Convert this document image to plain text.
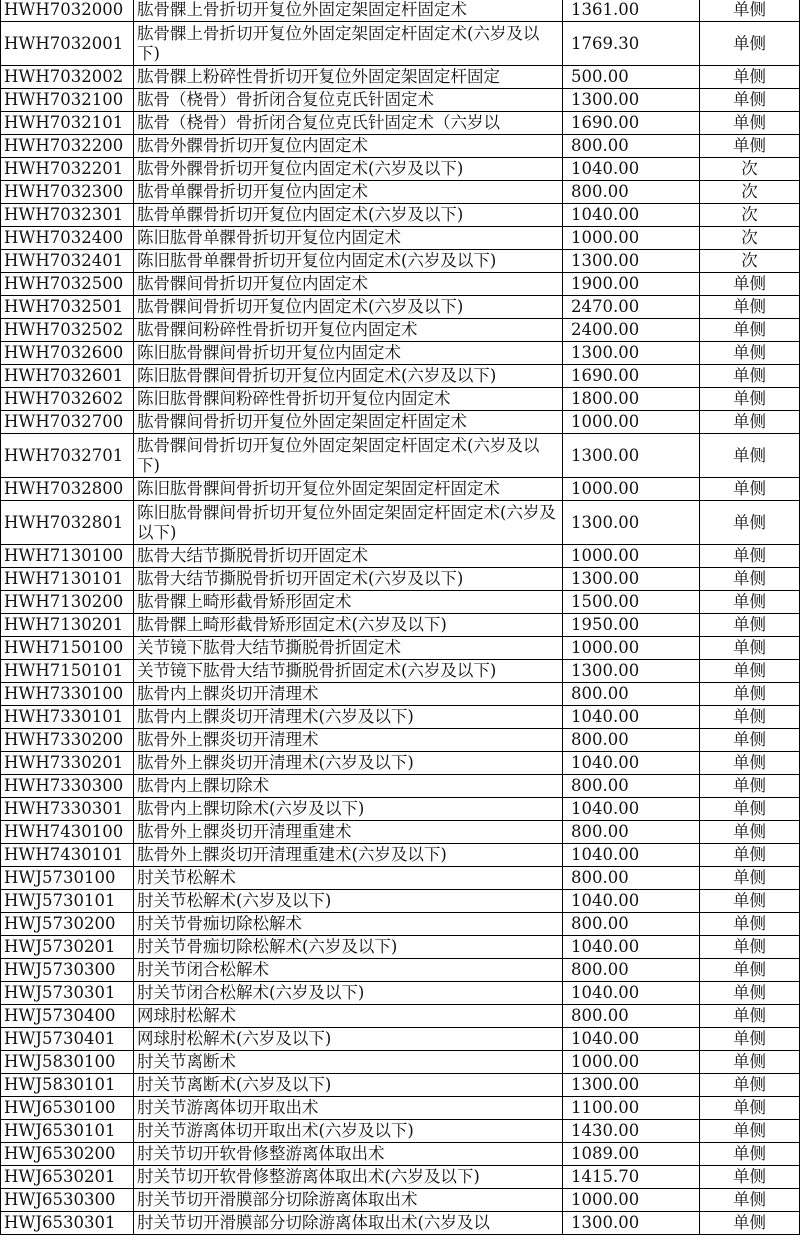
HWH7032000	肱骨髁上骨折切开复位外固定架固定杆固定术	1361.00	单侧
HWH7032001	肱骨髁上骨折切开复位外固定架固定杆固定术(六岁及以下)	1769.30	单侧
HWH7032002	肱骨髁上粉碎性骨折切开复位外固定架固定杆固定	500.00	单侧
HWH7032100	肱骨（桡骨）骨折闭合复位克氏针固定术	1300.00	单侧
HWH7032101	肱骨（桡骨）骨折闭合复位克氏针固定术（六岁以	1690.00	单侧
HWH7032200	肱骨外髁骨折切开复位内固定术	800.00	单侧
HWH7032201	肱骨外髁骨折切开复位内固定术(六岁及以下)	1040.00	次
HWH7032300	肱骨单髁骨折切开复位内固定术	800.00	次
HWH7032301	肱骨单髁骨折切开复位内固定术(六岁及以下)	1040.00	次
HWH7032400	陈旧肱骨单髁骨折切开复位内固定术	1000.00	次
HWH7032401	陈旧肱骨单髁骨折切开复位内固定术(六岁及以下)	1300.00	次
HWH7032500	肱骨髁间骨折切开复位内固定术	1900.00	单侧
HWH7032501	肱骨髁间骨折切开复位内固定术(六岁及以下)	2470.00	单侧
HWH7032502	肱骨髁间粉碎性骨折切开复位内固定术	2400.00	单侧
HWH7032600	陈旧肱骨髁间骨折切开复位内固定术	1300.00	单侧
HWH7032601	陈旧肱骨髁间骨折切开复位内固定术(六岁及以下)	1690.00	单侧
HWH7032602	陈旧肱骨髁间粉碎性骨折切开复位内固定术	1800.00	单侧
HWH7032700	肱骨髁间骨折切开复位外固定架固定杆固定术	1000.00	单侧
HWH7032701	肱骨髁间骨折切开复位外固定架固定杆固定术(六岁及以下)	1300.00	单侧
HWH7032800	陈旧肱骨髁间骨折切开复位外固定架固定杆固定术	1000.00	单侧
HWH7032801	陈旧肱骨髁间骨折切开复位外固定架固定杆固定术(六岁及以下)	1300.00	单侧
HWH7130100	肱骨大结节撕脱骨折切开固定术	1000.00	单侧
HWH7130101	肱骨大结节撕脱骨折切开固定术(六岁及以下)	1300.00	单侧
HWH7130200	肱骨髁上畸形截骨矫形固定术	1500.00	单侧
HWH7130201	肱骨髁上畸形截骨矫形固定术(六岁及以下)	1950.00	单侧
HWH7150100	关节镜下肱骨大结节撕脱骨折固定术	1000.00	单侧
HWH7150101	关节镜下肱骨大结节撕脱骨折固定术(六岁及以下)	1300.00	单侧
HWH7330100	肱骨内上髁炎切开清理术	800.00	单侧
HWH7330101	肱骨内上髁炎切开清理术(六岁及以下)	1040.00	单侧
HWH7330200	肱骨外上髁炎切开清理术	800.00	单侧
HWH7330201	肱骨外上髁炎切开清理术(六岁及以下)	1040.00	单侧
HWH7330300	肱骨内上髁切除术	800.00	单侧
HWH7330301	肱骨内上髁切除术(六岁及以下)	1040.00	单侧
HWH7430100	肱骨外上髁炎切开清理重建术	800.00	单侧
HWH7430101	肱骨外上髁炎切开清理重建术(六岁及以下)	1040.00	单侧
HWJ5730100	肘关节松解术	800.00	单侧
HWJ5730101	肘关节松解术(六岁及以下)	1040.00	单侧
HWJ5730200	肘关节骨痂切除松解术	800.00	单侧
HWJ5730201	肘关节骨痂切除松解术(六岁及以下)	1040.00	单侧
HWJ5730300	肘关节闭合松解术	800.00	单侧
HWJ5730301	肘关节闭合松解术(六岁及以下)	1040.00	单侧
HWJ5730400	网球肘松解术	800.00	单侧
HWJ5730401	网球肘松解术(六岁及以下)	1040.00	单侧
HWJ5830100	肘关节离断术	1000.00	单侧
HWJ5830101	肘关节离断术(六岁及以下)	1300.00	单侧
HWJ6530100	肘关节游离体切开取出术	1100.00	单侧
HWJ6530101	肘关节游离体切开取出术(六岁及以下)	1430.00	单侧
HWJ6530200	肘关节切开软骨修整游离体取出术	1089.00	单侧
HWJ6530201	肘关节切开软骨修整游离体取出术(六岁及以下)	1415.70	单侧
HWJ6530300	肘关节切开滑膜部分切除游离体取出术	1000.00	单侧
HWJ6530301	肘关节切开滑膜部分切除游离体取出术(六岁及以	1300.00	单侧
